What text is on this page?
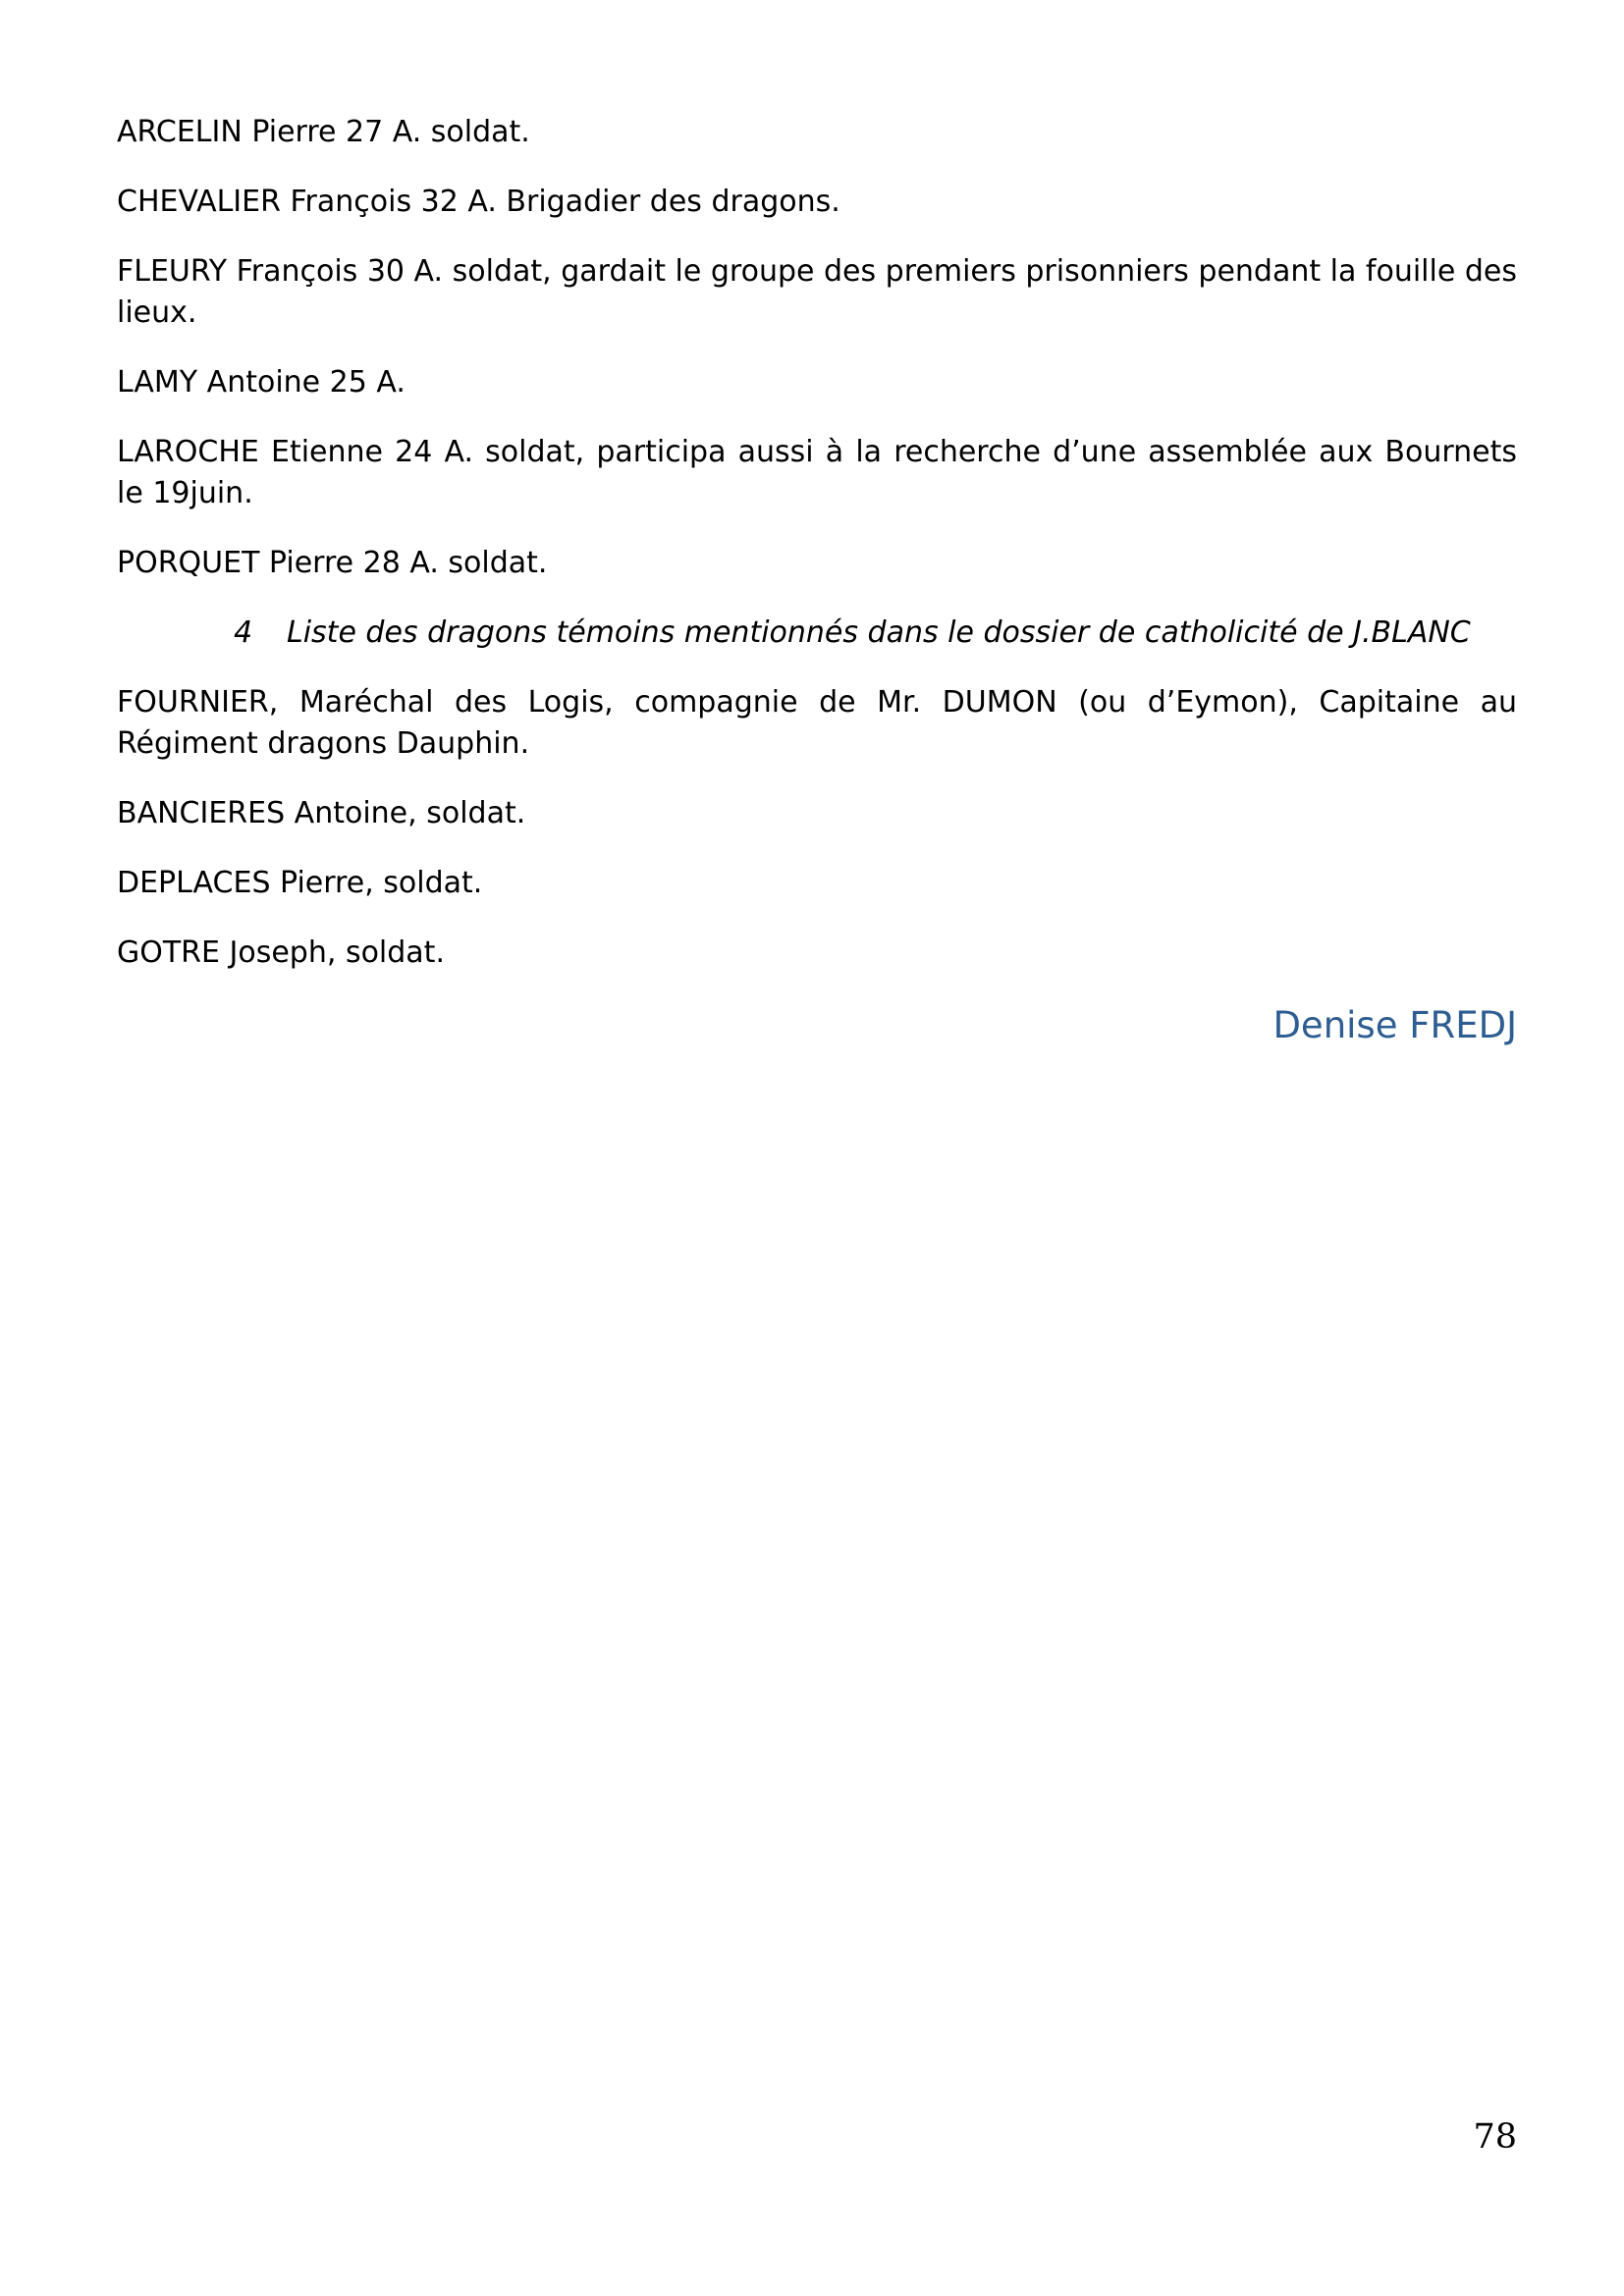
ARCELIN Pierre 27 A. soldat.

CHEVALIER François 32 A. Brigadier des dragons.

FLEURY François 30 A. soldat, gardait le groupe des premiers prisonniers pendant la fouille des lieux.

LAMY Antoine 25 A.

LAROCHE Etienne 24 A. soldat, participa aussi à la recherche d’une assemblée aux Bournets le 19juin.

PORQUET Pierre 28 A. soldat.

4 Liste des dragons témoins mentionnés dans le dossier de catholicité de J.BLANC

FOURNIER, Maréchal des Logis, compagnie de Mr. DUMON (ou d’Eymon), Capitaine au Régiment dragons Dauphin.

BANCIERES Antoine, soldat.

DEPLACES Pierre, soldat.

GOTRE Joseph, soldat.

Denise FREDJ

78
